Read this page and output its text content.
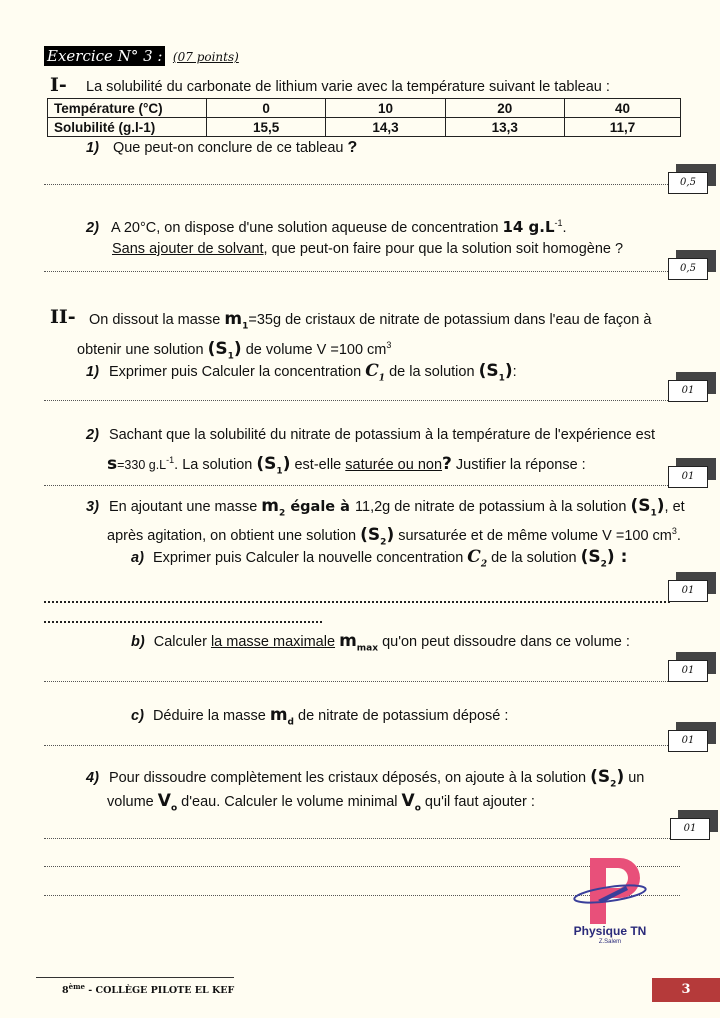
Exercice N° 3 : (07 points)
I- La solubilité du carbonate de lithium varie avec la température suivant le tableau :
Température (°C)	0	10	20	40
Solubilité (g.l-1)	15,5	14,3	13,3	11,7
1) Que peut-on conclure de ce tableau ?
0,5
2) A 20°C, on dispose d'une solution aqueuse de concentration 14 $g.L^{-1}$.
Sans ajouter de solvant, que peut-on faire pour que la solution soit homogène ?
0,5
II- On dissout la masse $m_1=35g$ de cristaux de nitrate de potassium dans l'eau de façon à
obtenir une solution $(S_1)$ de volume V =100 $cm^3$
1) Exprimer puis Calculer la concentration $C_1$ de la solution $(S_1)$:
01
2) Sachant que la solubilité du nitrate de potassium à la température de l'expérience est
s=330 $g.L^{-1}$. La solution $(S_1)$ est-elle saturée ou non? Justifier la réponse :
01
3) En ajoutant une masse $m_2$ égale à 11,2g de nitrate de potassium à la solution $(S_1)$, et
après agitation, on obtient une solution $(S_2)$ sursaturée et de même volume V =100 $cm^3$.
a) Exprimer puis Calculer la nouvelle concentration $C_2$ de la solution $(S_2)$ :
01
b) Calculer la masse maximale $m_{max}$ qu'on peut dissoudre dans ce volume :
01
c) Déduire la masse $m_d$ de nitrate de potassium déposé :
01
4) Pour dissoudre complètement les cristaux déposés, on ajoute à la solution $(S_2)$ un
volume $V_o$ d'eau. Calculer le volume minimal $V_o$ qu'il faut ajouter :
01
Physique TN
Z.Salem
8ème - COLLÈGE PILOTE EL KEF	3
